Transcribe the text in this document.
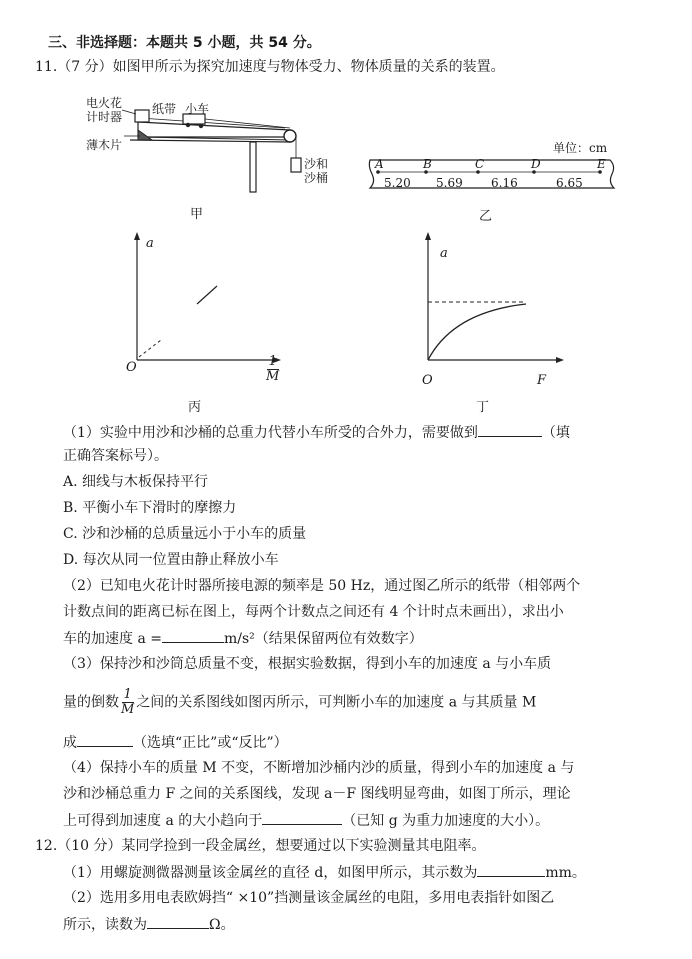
三、非选择题：本题共 5 小题，共 54 分。
11.（7 分）如图甲所示为探究加速度与物体受力、物体质量的关系的装置。
电火花
计时器
纸带 小车
薄木片
沙和
沙桶
甲
单位：cm
A	B	C	D	E
5.20 5.69 6.16	6.65
乙
a
O	$\frac{1}{M}$
丙
a
O	F
丁
（1）实验中用沙和沙桶的总重力代替小车所受的合外力，需要做到	（填
正确答案标号）。
A. 细线与木板保持平行
B. 平衡小车下滑时的摩擦力
C. 沙和沙桶的总质量远小于小车的质量
D. 每次从同一位置由静止释放小车
（2）已知电火花计时器所接电源的频率是 50 Hz，通过图乙所示的纸带（相邻两个
计数点间的距离已标在图上，每两个计数点之间还有 4 个计时点未画出），求出小
车的加速度 a =	m/s²（结果保留两位有效数字）
（3）保持沙和沙筒总质量不变，根据实验数据，得到小车的加速度 a 与小车质
量的倒数 $\frac{1}{M}$ 之间的关系图线如图丙所示，可判断小车的加速度 a 与其质量 M
成	（选填“正比”或“反比”）
（4）保持小车的质量 M 不变，不断增加沙桶内沙的质量，得到小车的加速度 a 与
沙和沙桶总重力 F 之间的关系图线，发现 a－F 图线明显弯曲，如图丁所示，理论
上可得到加速度 a 的大小趋向于	（已知 g 为重力加速度的大小）。
12.（10 分）某同学捡到一段金属丝，想要通过以下实验测量其电阻率。
（1）用螺旋测微器测量该金属丝的直径 d，如图甲所示，其示数为	mm。
（2）选用多用电表欧姆挡“ ×10”挡测量该金属丝的电阻，多用电表指针如图乙
所示，读数为	Ω。
